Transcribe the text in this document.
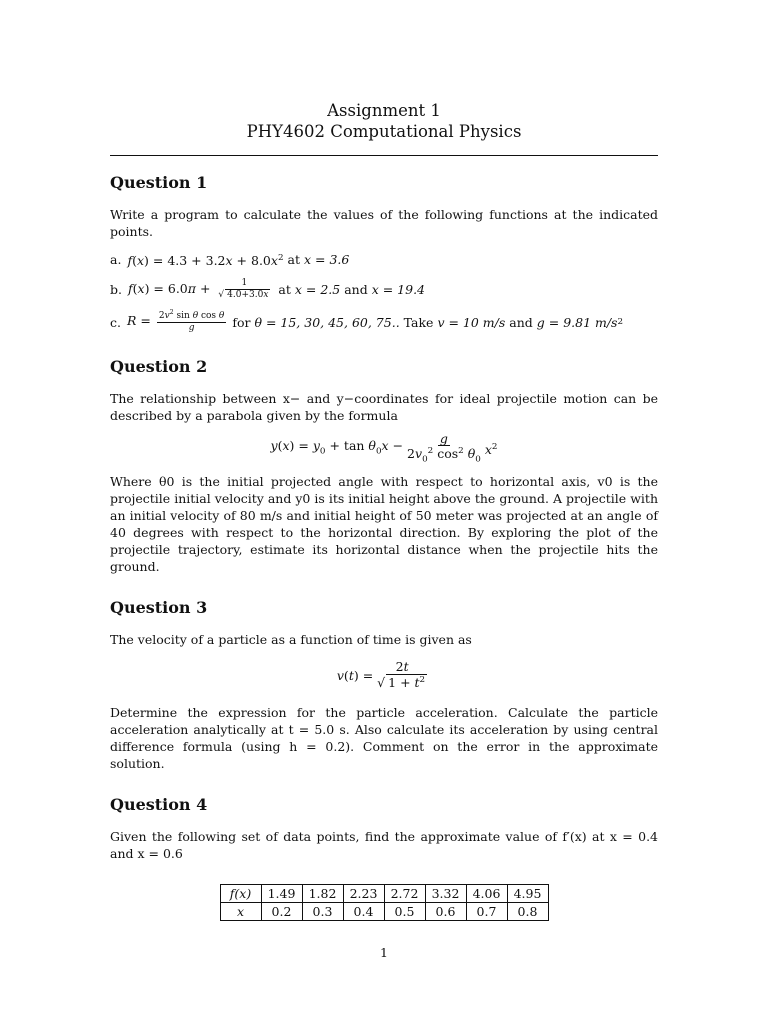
Assignment 1
PHY4602 Computational Physics
Question 1

Write a program to calculate the values of the following functions at the indicated points.

a. $f(x) = 4.3 + 3.2x + 8.0x^2$
at
x = 3.6
b. $f(x) = 6.0\pi + \frac{1}{√ 4.0+3.0x}$
at
x = 2.5
and
x = 19.4
c. $R = \frac{2v^2 \sin \theta \cos \theta}{g}$
for
θ = 15, 30, 45, 60, 75..
Take
v = 10 m/s
and
g = 9.81 m/s 2
Question 2

The relationship between x− and y−coordinates for ideal projectile motion can be described by a parabola given by the formula

$y(x) = y_0 + \tan \theta_0x - \frac{g}{2v_0^2 \cos^2 \theta_0} x^2$

Where θ0 is the initial projected angle with respect to horizontal axis, v0 is the projectile initial velocity and y0 is its initial height above the ground. A projectile with an initial velocity of 80 m/s and initial height of 50 meter was projected at an angle of 40 degrees with respect to the horizontal direction. By exploring the plot of the projectile trajectory, estimate its horizontal distance when the projectile hits the ground.

Question 3

The velocity of a particle as a function of time is given as

$v(t) = \frac{2t}{√ 1 + t^2}$

Determine the expression for the particle acceleration. Calculate the particle acceleration analytically at t = 5.0 s. Also calculate its acceleration by using central difference formula (using h = 0.2). Comment on the error in the approximate solution.

Question 4

Given the following set of data points, find the approximate value of f′(x) at x = 0.4 and x = 0.6

f(x)	1.49	1.82	2.23	2.72	3.32	4.06	4.95
x	0.2	0.3	0.4	0.5	0.6	0.7	0.8
1
